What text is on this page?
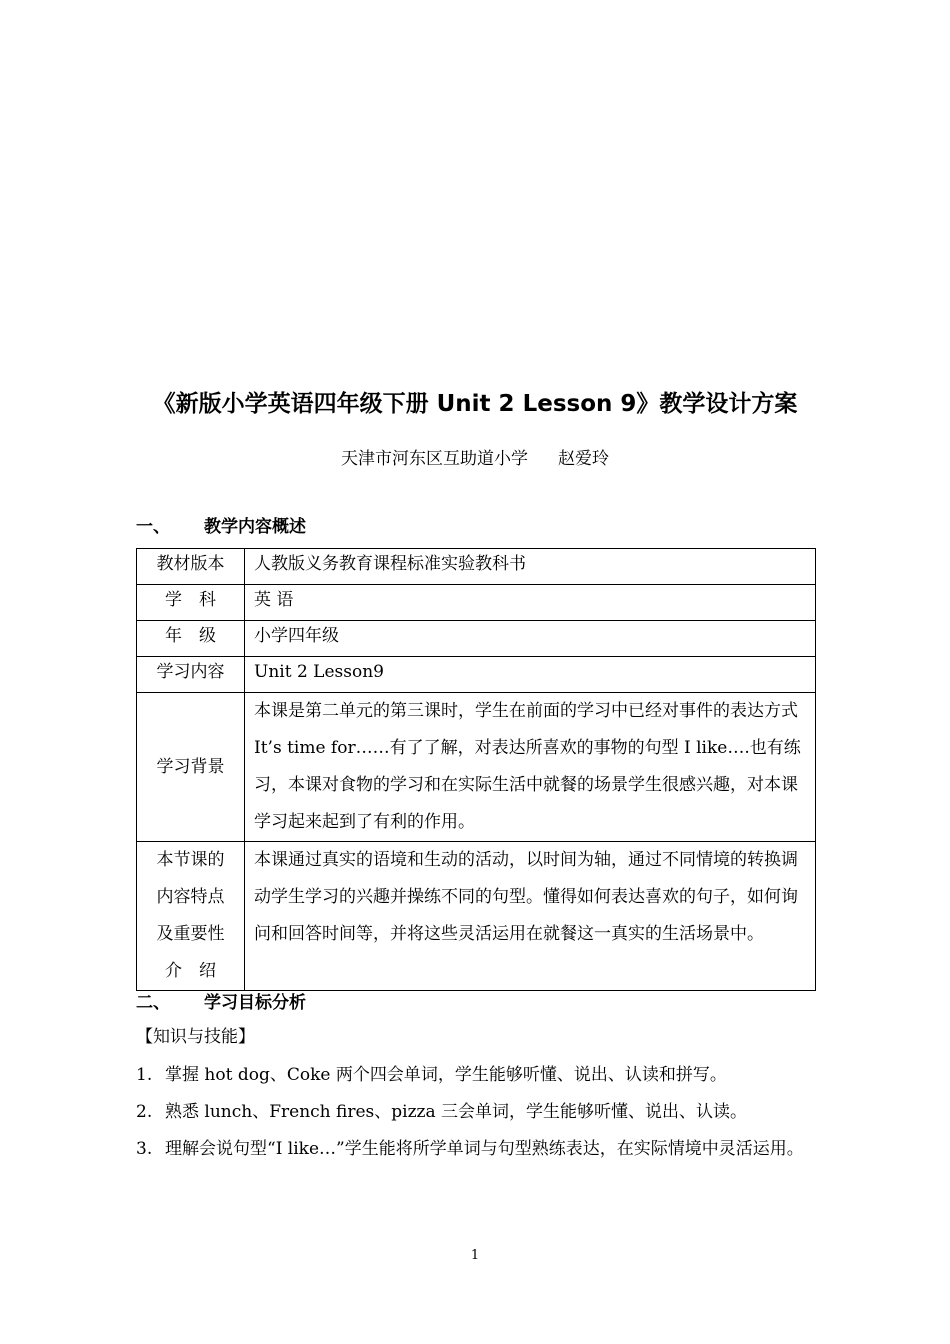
《新版小学英语四年级下册 Unit 2 Lesson 9》教学设计方案
天津市河东区互助道小学 赵爱玲
一、 教学内容概述
教材版本	人教版义务教育课程标准实验教科书
学　科	英 语
年　级	小学四年级
学习内容	Unit 2 Lesson9
学习背景	本课是第二单元的第三课时，学生在前面的学习中已经对事件的表达方式 It’s time for……有了了解，对表达所喜欢的事物的句型 I like….也有练习，本课对食物的学习和在实际生活中就餐的场景学生很感兴趣，对本课学习起来起到了有利的作用。

本节课的
内容特点
及重要性
介　绍	本课通过真实的语境和生动的活动，以时间为轴，通过不同情境的转换调动学生学习的兴趣并操练不同的句型。懂得如何表达喜欢的句子，如何询问和回答时间等，并将这些灵活运用在就餐这一真实的生活场景中。
二、 学习目标分析
【知识与技能】
1. 掌握 hot dog、Coke 两个四会单词，学生能够听懂、说出、认读和拼写。
2. 熟悉 lunch、French fires、pizza 三会单词，学生能够听懂、说出、认读。
3. 理解会说句型“I like…”学生能将所学单词与句型熟练表达，在实际情境中灵活运用。
1
